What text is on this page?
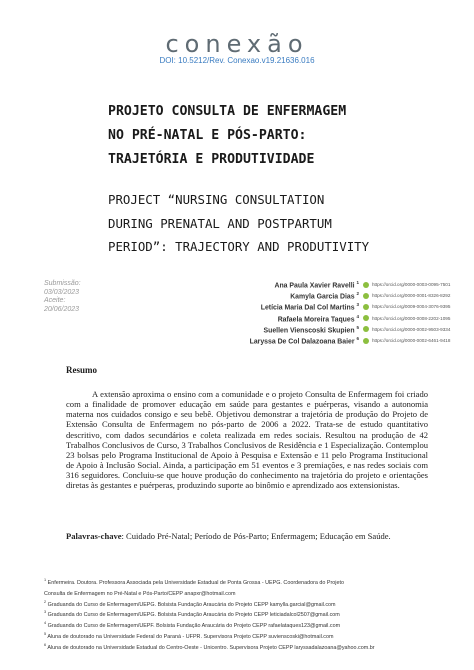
conexão
DOI: 10.5212/Rev. Conexao.v19.21636.016
PROJETO CONSULTA DE ENFERMAGEM
NO PRÉ-NATAL E PÓS-PARTO:
TRAJETÓRIA E PRODUTIVIDADE
PROJECT “NURSING CONSULTATION
DURING PRENATAL AND POSTPARTUM
PERIOD”: TRAJECTORY AND PRODUTIVITY
Submissão:
03/03/2023
Aceite:
20/06/2023
Ana Paula Xavier Ravelli $^1$	https://orcid.org/0000-0003-0095-7501
Kamyla Garcia Dias $^2$	https://orcid.org/0000-0001-8326-8292
Letícia Maria Dal Col Martins $^3$	https://orcid.org/0009-0004-3076-9395
Rafaela Moreira Taques $^4$	https://orcid.org/0000-0008-2202-1095
Suellen Vienscoski Skupien $^5$	https://orcid.org/0000-0002-9503-9334
Laryssa De Col Dalazoana Baier $^6$	https://orcid.org/0000-0002-6461-9418
Resumo

A extensão aproxima o ensino com a comunidade e o projeto Consulta de Enfermagem foi criado com a finalidade de promover educação em saúde para gestantes e puérperas, visando a autonomia materna nos cuidados consigo e seu bebê. Objetivou demonstrar a trajetória de produção do Projeto de Extensão Consulta de Enfermagem no pós-parto de 2006 a 2022. Trata-se de estudo quantitativo descritivo, com dados secundários e coleta realizada em redes sociais. Resultou na produção de 42 Trabalhos Conclusivos de Curso, 3 Trabalhos Conclusivos de Residência e 1 Especialização. Contemplou 23 bolsas pelo Programa Institucional de Apoio à Pesquisa e Extensão e 11 pelo Programa Institucional de Apoio à Inclusão Social. Ainda, a participação em 51 eventos e 3 premiações, e nas redes sociais com 316 seguidores. Concluiu-se que houve produção do conhecimento na trajetória do projeto e orientações diretas às gestantes e puérperas, produzindo suporte ao binômio e aprendizado aos extensionistas.

Palavras-chave: Cuidado Pré-Natal; Período de Pós-Parto; Enfermagem; Educação em Saúde.
$^1$ Enfermeira. Doutora. Professora Associada pela Universidade Estadual de Ponta Grossa - UEPG. Coordenadora do Projeto
Consulta de Enfermagem no Pré-Natal e Pós-Parto/CEPP anapxr@hotmail.com
$^2$ Graduanda do Curso de Enfermagem/UEPG. Bolsista Fundação Araucária do Projeto CEPP kamylla.garcial@gmail.com
$^3$ Graduanda do Curso de Enfermagem/UEPG. Bolsista Fundação Araucária do Projeto CEPP leticiadalcol2507@gmail.com
$^4$ Graduanda do Curso de Enfermagem/UEPF. Bolsista Fundação Araucária do Projeto CEPP rafaelataques123@gmail.com
$^5$ Aluna de doutorado na Universidade Federal do Paraná - UFPR. Supervisora Projeto CEPP suvienscoski@hotmail.com
$^6$ Aluna de doutorado na Universidade Estadual do Centro-Oeste - Unicentro. Supervisora Projeto CEPP laryssadalazoana@yahoo.com.br
